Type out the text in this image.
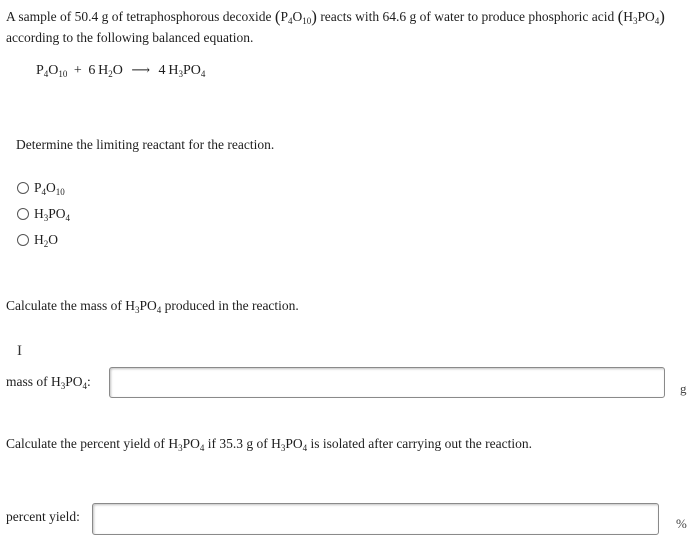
A sample of 50.4 g of tetraphosphorous decoxide $(P_4O_{10})$ reacts with 64.6 g of water to produce phosphoric acid $(H_3PO_4)$
according to the following balanced equation.
$P_4O_{10} + 6$  $H_2O$ ⟶ 4  $H_3PO_4$
Determine the limiting reactant for the reaction.
$P_4O_{10}$
$H_3PO_4$
$H_2O$
Calculate the mass of $H_3PO_4$ produced in the reaction.
I
mass of $H_3PO_4$:	g
Calculate the percent yield of $H_3PO_4$ if 35.3 g of $H_3PO_4$ is isolated after carrying out the reaction.
percent yield:	%
